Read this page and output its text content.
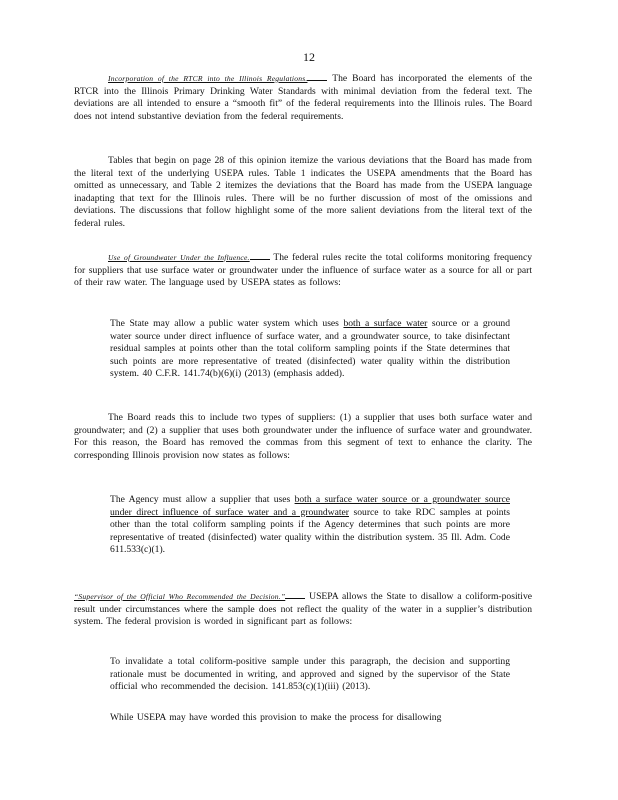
12

Incorporation of the RTCR into the Illinois Regulations.	The Board has incorporated the elements of the RTCR into the Illinois Primary Drinking Water Standards with minimal deviation from the federal text. The deviations are all intended to ensure a “smooth fit” of the federal requirements into the Illinois rules. The Board does not intend substantive deviation from the federal requirements.

Tables that begin on page 28 of this opinion itemize the various deviations that the Board has made from the literal text of the underlying USEPA rules. Table 1 indicates the USEPA amendments that the Board has omitted as unnecessary, and Table 2 itemizes the deviations that the Board has made from the USEPA language inadapting that text for the Illinois rules. There will be no further discussion of most of the omissions and deviations. The discussions that follow highlight some of the more salient deviations from the literal text of the federal rules.

Use of Groundwater Under the Influence. The federal rules recite the total coliforms monitoring frequency for suppliers that use surface water or groundwater under the influence of surface water as a source for all or part of their raw water. The language used by USEPA states as follows:

The State may allow a public water system which uses both a surface water source or a ground water source under direct influence of surface water, and a groundwater source, to take disinfectant residual samples at points other than the total coliform sampling points if the State determines that such points are more representative of treated (disinfected) water quality within the distribution system. 40 C.F.R. 141.74(b)(6)(i) (2013) (emphasis added).

The Board reads this to include two types of suppliers: (1) a supplier that uses both surface water and groundwater; and (2) a supplier that uses both groundwater under the influence of surface water and groundwater. For this reason, the Board has removed the commas from this segment of text to enhance the clarity. The corresponding Illinois provision now states as follows:

The Agency must allow a supplier that uses both a surface water source or a groundwater source under direct influence of surface water and a groundwater source to take RDC samples at points other than the total coliform sampling points if the Agency determines that such points are more representative of treated (disinfected) water quality within the distribution system. 35 Ill. Adm. Code 611.533(c)(1).

“Supervisor of the Official Who Recommended the Decision.” USEPA allows the State to disallow a coliform-positive result under circumstances where the sample does not reflect the quality of the water in a supplier’s distribution system. The federal provision is worded in significant part as follows:

To invalidate a total coliform-positive sample under this paragraph, the decision and supporting rationale must be documented in writing, and approved and signed by the supervisor of the State official who recommended the decision. 141.853(c)(1)(iii) (2013).

While USEPA may have worded this provision to make the process for disallowing
